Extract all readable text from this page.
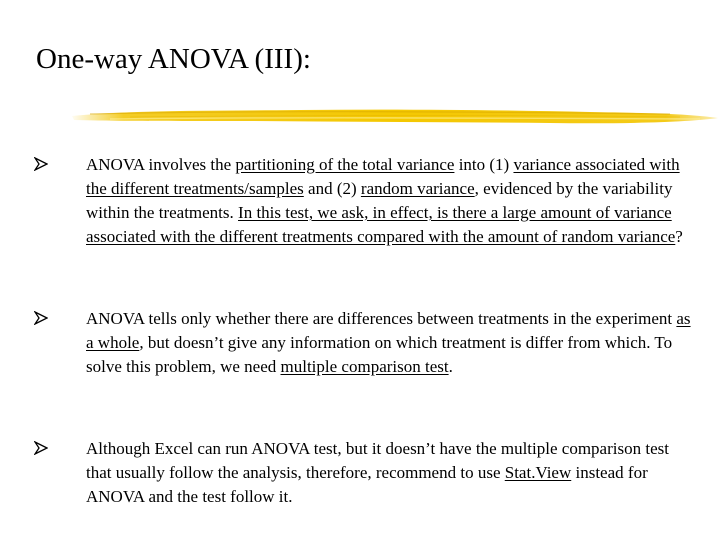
One-way ANOVA (III):

ANOVA involves the partitioning of the total variance into (1) variance associated with the different treatments/samples and (2) random variance, evidenced by the variability within the treatments. In this test, we ask, in effect, is there a large amount of variance associated with the different treatments compared with the amount of random variance?

ANOVA tells only whether there are differences between treatments in the experiment as a whole, but doesn’t give any information on which treatment is differ from which. To solve this problem, we need multiple comparison test.

Although Excel can run ANOVA test, but it doesn’t have the multiple comparison test that usually follow the analysis, therefore, recommend to use Stat.View instead for ANOVA and the test follow it.
